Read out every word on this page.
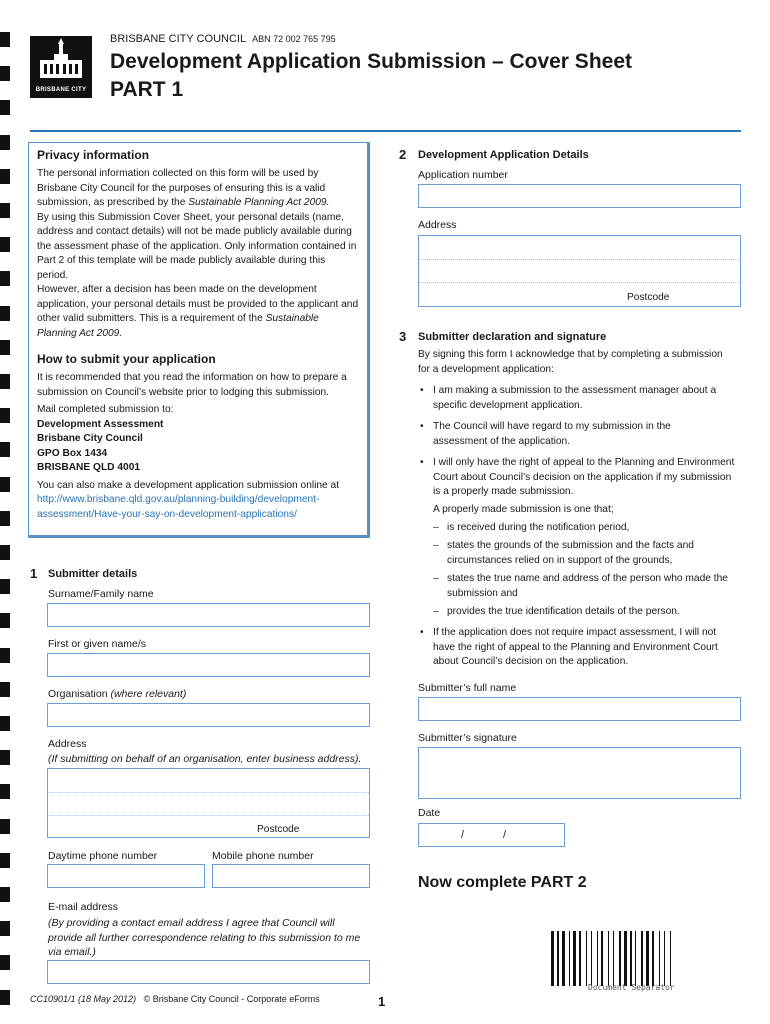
BRISBANE CITY
BRISBANE CITY COUNCIL ABN 72 002 765 795
Development Application Submission – Cover Sheet
PART 1
Privacy information
The personal information collected on this form will be used by Brisbane City Council for the purposes of ensuring this is a valid submission, as prescribed by the Sustainable Planning Act 2009.
By using this Submission Cover Sheet, your personal details (name, address and contact details) will not be made publicly available during the assessment phase of the application. Only information contained in Part 2 of this template will be made publicly available during this period.
However, after a decision has been made on the development application, your personal details must be provided to the applicant and other valid submitters. This is a requirement of the Sustainable Planning Act 2009.
How to submit your application
It is recommended that you read the information on how to prepare a submission on Council’s website prior to lodging this submission.
Mail completed submission to:
Development Assessment
Brisbane City Council
GPO Box 1434
BRISBANE QLD 4001
You can also make a development application submission online at
http://www.brisbane.qld.gov.au/planning-building/development-assessment/Have-your-say-on-development-applications/
1 Submitter details
Surname/Family name
First or given name/s
Organisation (where relevant)
Address
(If submitting on behalf of an organisation, enter business address).
Postcode
Daytime phone number	Mobile phone number
E-mail address
(By providing a contact email address I agree that Council will provide all further correspondence relating to this submission to me via email.)
2 Development Application Details
Application number
Address
Postcode
3 Submitter declaration and signature
By signing this form I acknowledge that by completing a submission for a development application:
• I am making a submission to the assessment manager about a specific development application.
• The Council will have regard to my submission in the assessment of the application.
• I will only have the right of appeal to the Planning and Environment Court about Council’s decision on the application if my submission is a properly made submission.
A properly made submission is one that;
– is received during the notification period,
– states the grounds of the submission and the facts and circumstances relied on in support of the grounds,
– states the true name and address of the person who made the submission and
– provides the true identification details of the person.
• If the application does not require impact assessment, I will not have the right of appeal to the Planning and Environment Court about Council’s decision on the application.
Submitter’s full name
Submitter’s signature
Date
/	/
Now complete PART 2
Document Separator
CC10901/1 (18 May 2012) © Brisbane City Council - Corporate eForms	1
